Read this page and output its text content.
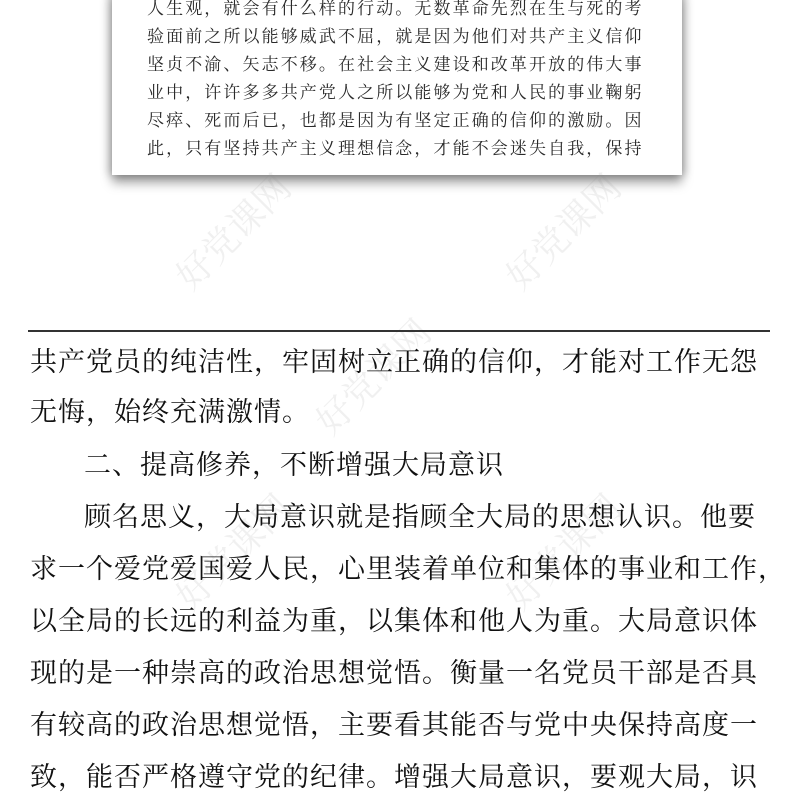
人生观，就会有什么样的行动。无数革命先烈在生与死的考
验面前之所以能够威武不屈，就是因为他们对共产主义信仰
坚贞不渝、矢志不移。在社会主义建设和改革开放的伟大事
业中，许许多多共产党人之所以能够为党和人民的事业鞠躬
尽瘁、死而后已，也都是因为有坚定正确的信仰的激励。因
此，只有坚持共产主义理想信念，才能不会迷失自我，保持
好党课网	好党课网
好党课网
好党课网	好党课网
共产党员的纯洁性，牢固树立正确的信仰，才能对工作无怨
无悔，始终充满激情。
二、提高修养，不断增强大局意识
顾名思义，大局意识就是指顾全大局的思想认识。他要
求一个爱党爱国爱人民，心里装着单位和集体的事业和工作，
以全局的长远的利益为重，以集体和他人为重。大局意识体
现的是一种崇高的政治思想觉悟。衡量一名党员干部是否具
有较高的政治思想觉悟，主要看其能否与党中央保持高度一
致，能否严格遵守党的纪律。增强大局意识，要观大局，识
